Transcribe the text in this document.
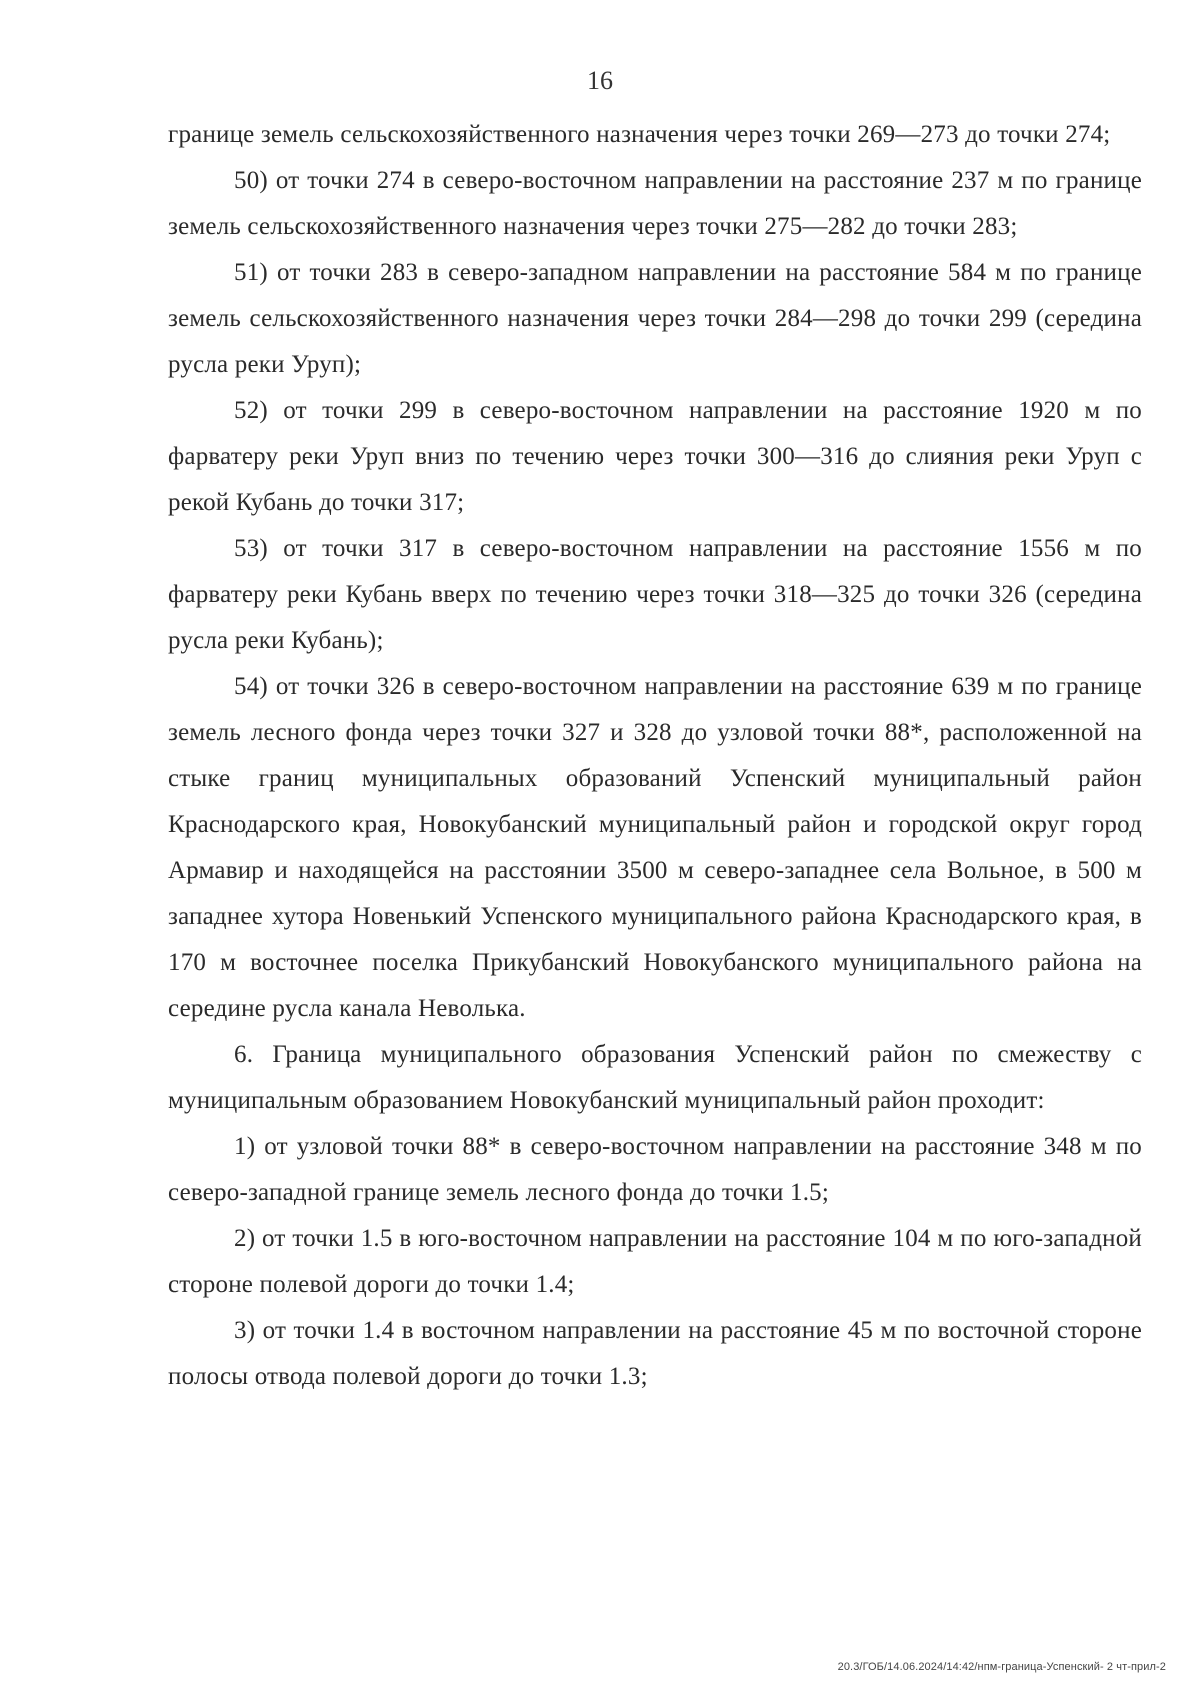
16

границе земель сельскохозяйственного назначения через точки 269—273 до точки 274;

50) от точки 274 в северо-восточном направлении на расстояние 237 м по границе земель сельскохозяйственного назначения через точки 275—282 до точки 283;

51) от точки 283 в северо-западном направлении на расстояние 584 м по границе земель сельскохозяйственного назначения через точки 284—298 до точки 299 (середина русла реки Уруп);

52) от точки 299 в северо-восточном направлении на расстояние 1920 м по фарватеру реки Уруп вниз по течению через точки 300—316 до слияния реки Уруп с рекой Кубань до точки 317;

53) от точки 317 в северо-восточном направлении на расстояние 1556 м по фарватеру реки Кубань вверх по течению через точки 318—325 до точки 326 (середина русла реки Кубань);

54) от точки 326 в северо-восточном направлении на расстояние 639 м по границе земель лесного фонда через точки 327 и 328 до узловой точки 88*, расположенной на стыке границ муниципальных образований Успенский муниципальный район Краснодарского края, Новокубанский муниципальный район и городской округ город Армавир и находящейся на расстоянии 3500 м северо-западнее села Вольное, в 500 м западнее хутора Новенький Успенского муниципального района Краснодарского края, в 170 м восточнее поселка Прикубанский Новокубанского муниципального района на середине русла канала Неволька.

6. Граница муниципального образования Успенский район по смежеству с муниципальным образованием Новокубанский муниципальный район проходит:

1) от узловой точки 88* в северо-восточном направлении на расстояние 348 м по северо-западной границе земель лесного фонда до точки 1.5;

2) от точки 1.5 в юго-восточном направлении на расстояние 104 м по юго-западной стороне полевой дороги до точки 1.4;

3) от точки 1.4 в восточном направлении на расстояние 45 м по восточной стороне полосы отвода полевой дороги до точки 1.3;

20.3/ГОБ/14.06.2024/14:42/нпм-граница-Успенский- 2 чт-прил-2
